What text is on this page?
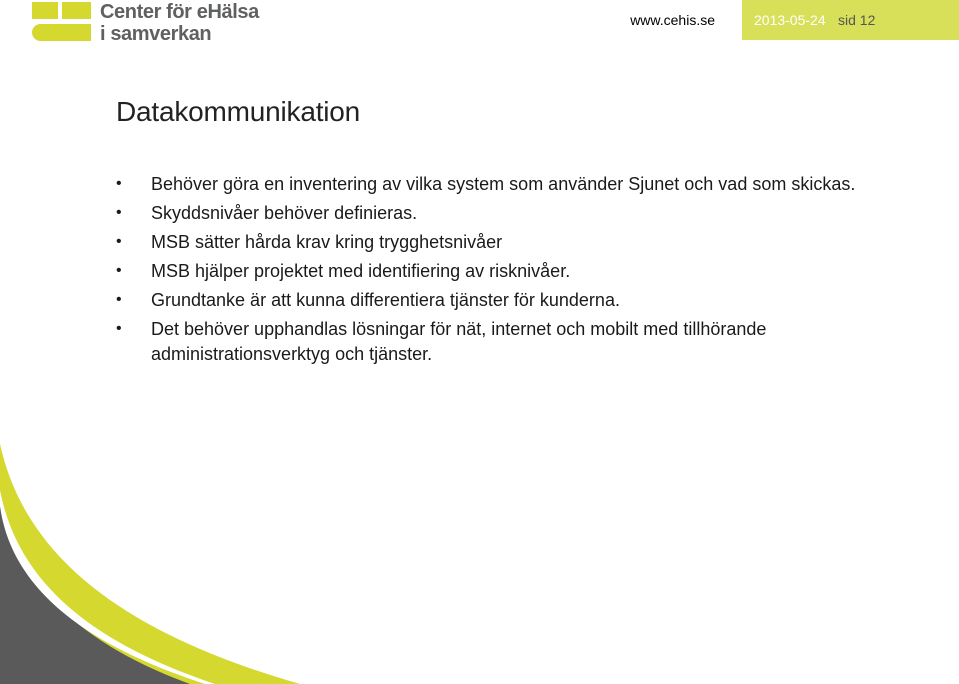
Center för eHälsa
i samverkan
www.cehis.se	2013-05-24 sid 12
Datakommunikation
• Behöver göra en inventering av vilka system som använder Sjunet och vad som skickas.
• Skyddsnivåer behöver definieras.
• MSB sätter hårda krav kring trygghetsnivåer
• MSB hjälper projektet med identifiering av risknivåer.
• Grundtanke är att kunna differentiera tjänster för kunderna.
• Det behöver upphandlas lösningar för nät, internet och mobilt med tillhörande administrationsverktyg och tjänster.
